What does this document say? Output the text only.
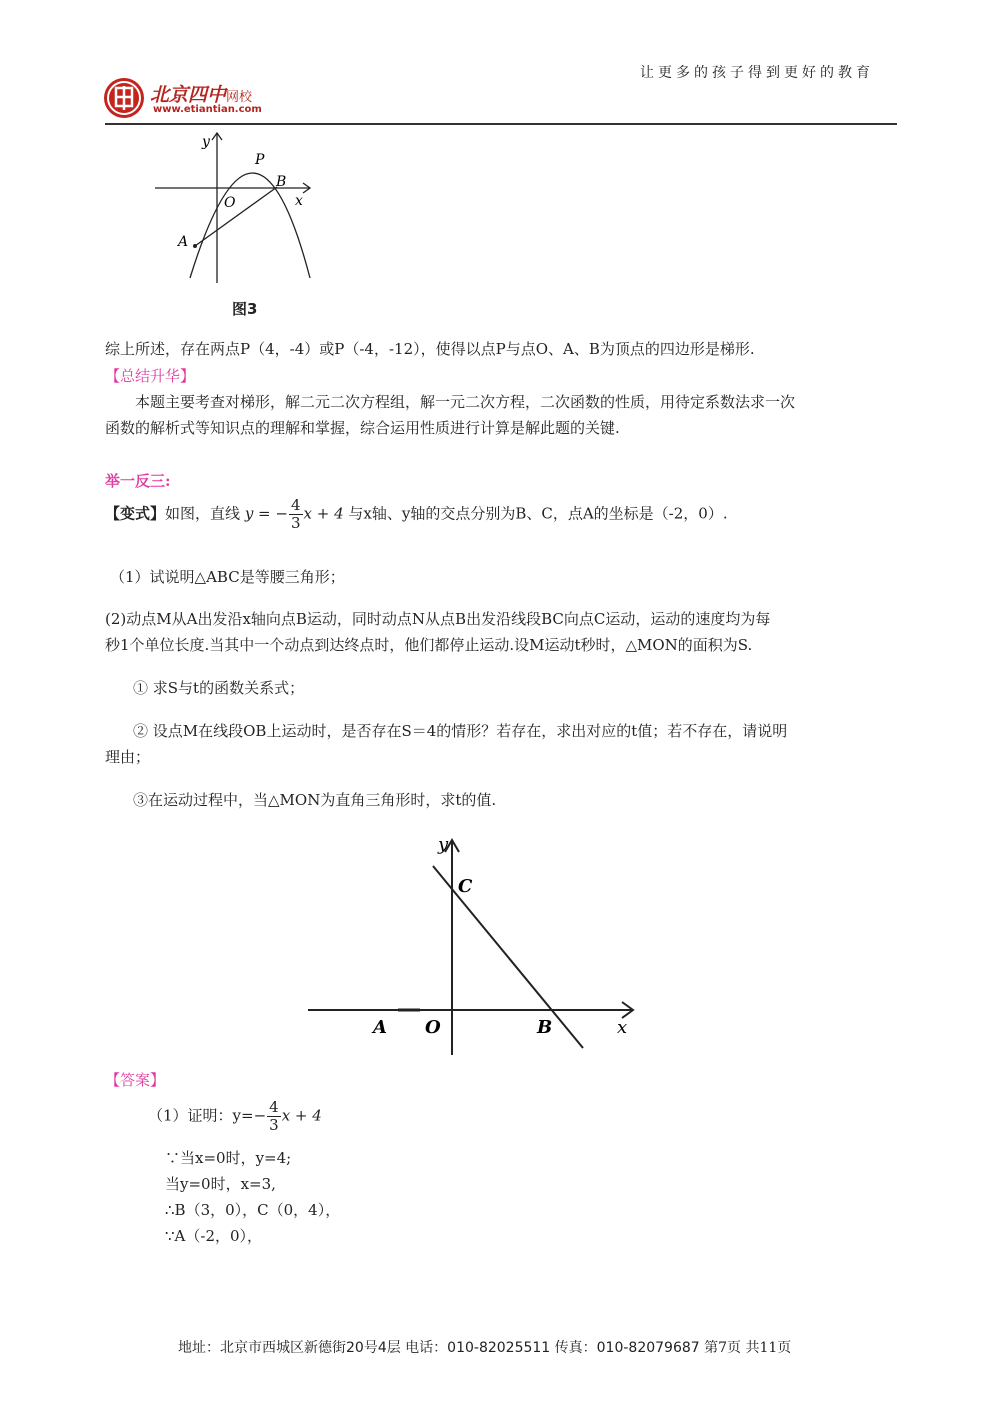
让更多的孩子得到更好的教育
北京四中网校
www.etiantian.com
y
P
B
O	x
A
图3
综上所述，存在两点P（4，-4）或P（-4，-12），使得以点P与点O、A、B为顶点的四边形是梯形.
【总结升华】
本题主要考查对梯形，解二元二次方程组，解一元二次方程，二次函数的性质，用待定系数法求一次
函数的解析式等知识点的理解和掌握，综合运用性质进行计算是解此题的关键.
举一反三:
【变式】如图，直线 y = − $\frac{4}{3}$ x + 4 与x轴、y轴的交点分别为B、C，点A的坐标是（-2，0）.
（1）试说明△ABC是等腰三角形；
(2)动点M从A出发沿x轴向点B运动，同时动点N从点B出发沿线段BC向点C运动，运动的速度均为每
秒1个单位长度.当其中一个动点到达终点时，他们都停止运动.设M运动t秒时，△MON的面积为S.
① 求S与t的函数关系式；
② 设点M在线段OB上运动时，是否存在S＝4的情形？若存在，求出对应的t值；若不存在，请说明
理由；
③在运动过程中，当△MON为直角三角形时，求t的值.
y
C
A O	B	x
【答案】
（1）证明：$y=- \frac{4}{3}$ x + 4
∵当x=0时，y=4;
当y=0时，x=3,
∴B（3，0），C（0，4），
∵A（-2，0），
地址：北京市西城区新德街20号4层 电话：010-82025511 传真：010-82079687 第7页 共11页
